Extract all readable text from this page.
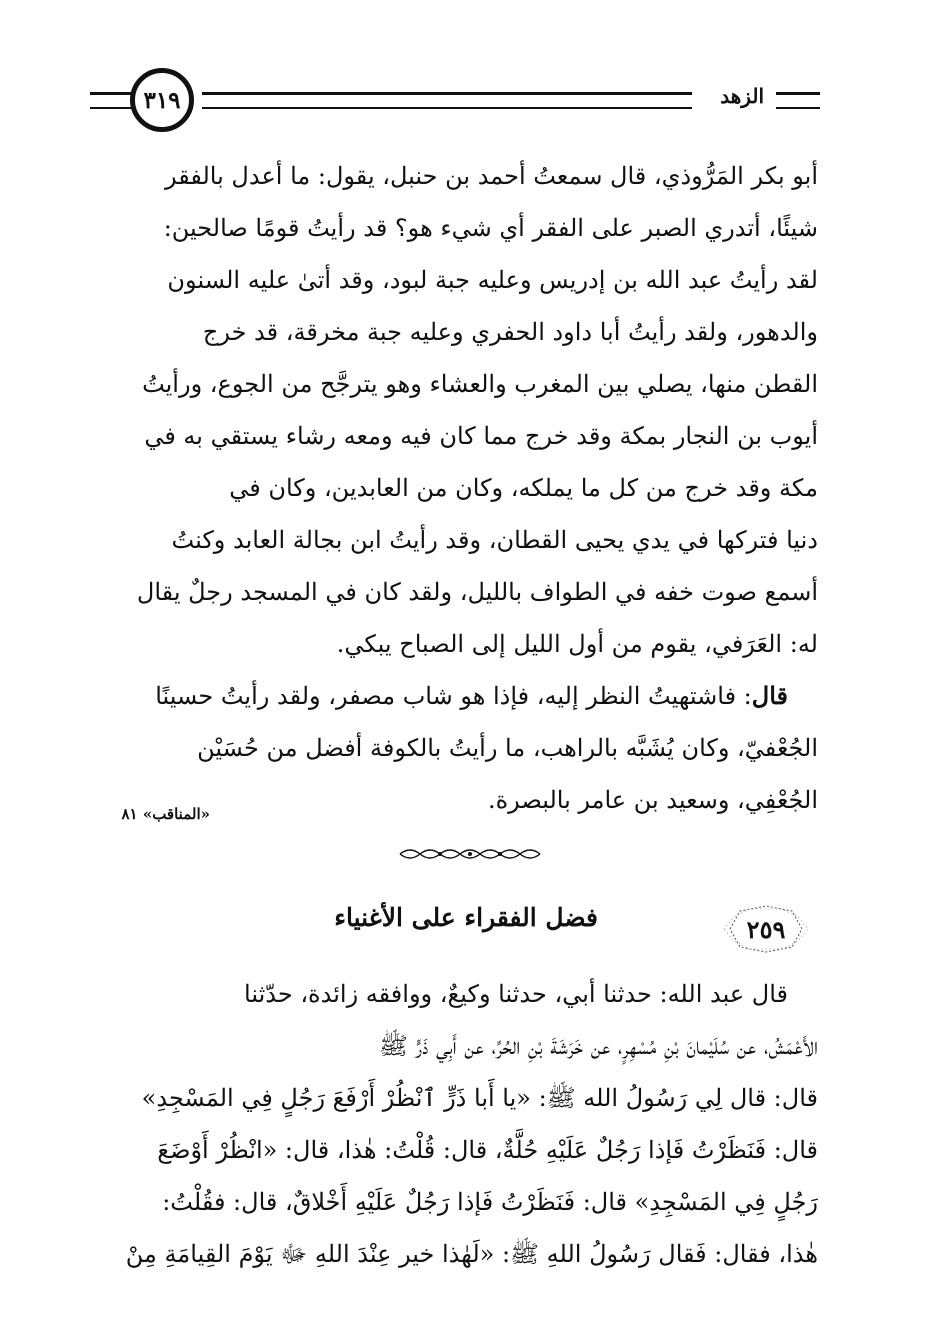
٣١٩	الزهد

أبو بكر المَرُّوذي، قال سمعتُ أحمد بن حنبل، يقول: ما أعدل بالفقر

شيئًا، أتدري الصبر على الفقر أي شيء هو؟ قد رأيتُ قومًا صالحين:

لقد رأيتُ عبد الله بن إدريس وعليه جبة لبود، وقد أتىٰ عليه السنون

والدهور، ولقد رأيتُ أبا داود الحفري وعليه جبة مخرقة، قد خرج

القطن منها، يصلي بين المغرب والعشاء وهو يترجَّح من الجوع، ورأيتُ

أيوب بن النجار بمكة وقد خرج مما كان فيه ومعه رشاء يستقي به في

مكة وقد خرج من كل ما يملكه، وكان من العابدين، وكان في

دنيا فتركها في يدي يحيى القطان، وقد رأيتُ ابن بجالة العابد وكنتُ

أسمع صوت خفه في الطواف بالليل، ولقد كان في المسجد رجلٌ يقال

له: العَرَفي، يقوم من أول الليل إلى الصباح يبكي.

قال: فاشتهيتُ النظر إليه، فإذا هو شاب مصفر، ولقد رأيتُ حسينًا

الجُعْفيّ، وكان يُشَبَّه بالراهب، ما رأيتُ بالكوفة أفضل من حُسَيْن

الجُعْفِي، وسعيد بن عامر بالبصرة.

«المناقب» ٨١
٢٥٩
فضل الفقراء على الأغنياء

قال عبد الله: حدثنا أبي، حدثنا وكيعٌ، ووافقه زائدة، حدّثنا

الأَعْمَشُ، عن سُلَيْمانَ بْنِ مُسْهِرٍ، عن خَرَشَةَ بْنِ الحُرِّ، عن أَبِي ذَرٍّ ﷺ

قال: قال لِي رَسُولُ الله ﷺ: «يا أَبا ذَرٍّ ٱنْظُرْ أَرْفَعَ رَجُلٍ فِي المَسْجِدِ»

قال: فَنَظَرْتُ فَإذا رَجُلٌ عَلَيْهِ حُلَّةٌ، قال: قُلْتُ: هٰذا، قال: «انْظُرْ أَوْضَعَ

رَجُلٍ فِي المَسْجِدِ» قال: فَنَظَرْتُ فَإذا رَجُلٌ عَلَيْهِ أَخْلاقٌ، قال: فقُلْتُ:

هٰذا، فقال: فَقال رَسُولُ اللهِ ﷺ: «لَهٰذا خير عِنْدَ اللهِ ﷻ يَوْمَ القِيامَةِ مِنْ
